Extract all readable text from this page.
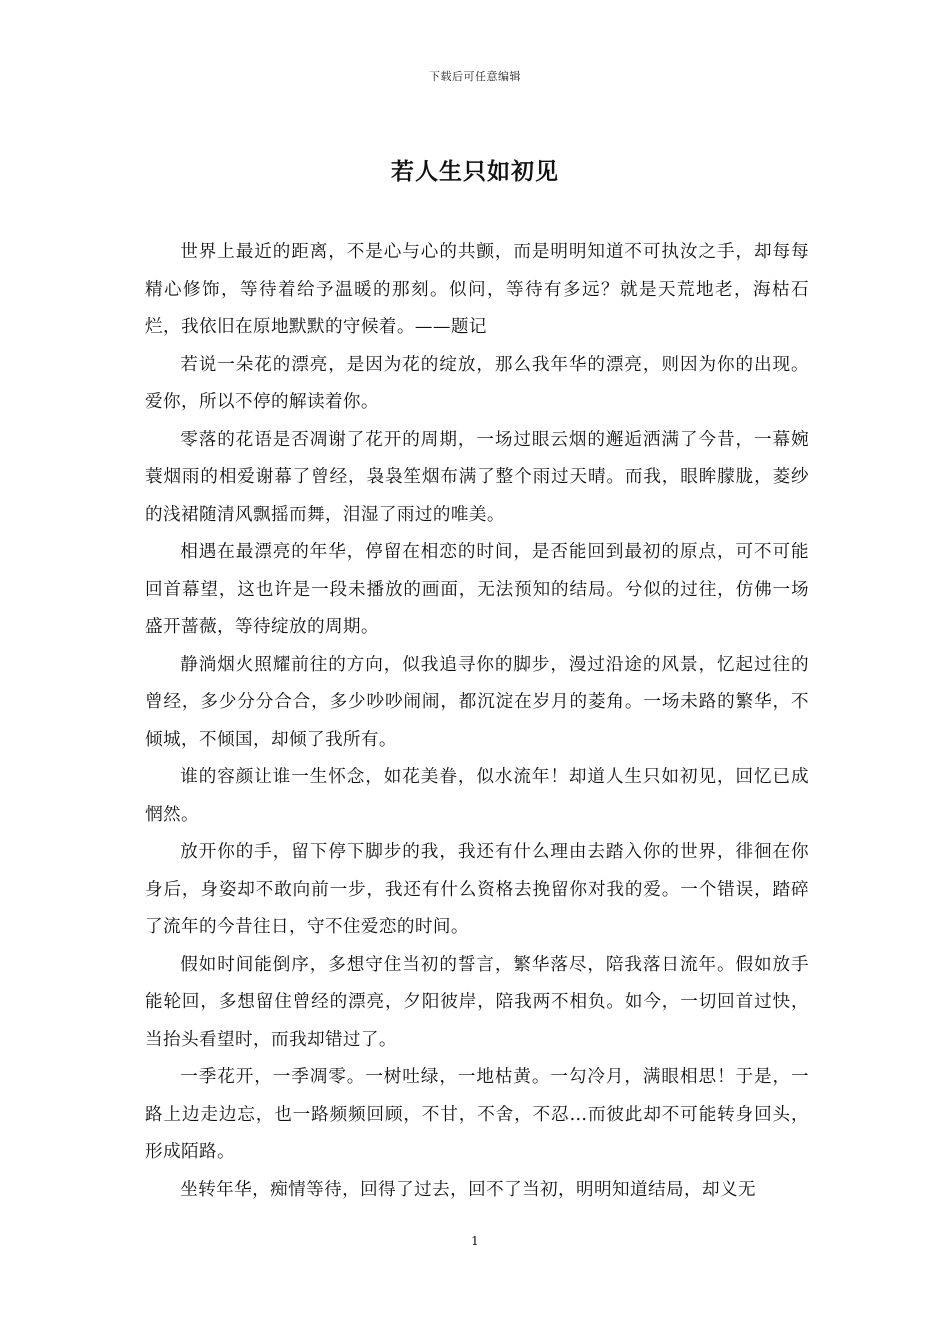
下载后可任意编辑
若人生只如初见

世界上最近的距离，不是心与心的共颤，而是明明知道不可执汝之手，却每每精心修饰，等待着给予温暖的那刻。似问，等待有多远？就是天荒地老，海枯石烂，我依旧在原地默默的守候着。——题记

若说一朵花的漂亮，是因为花的绽放，那么我年华的漂亮，则因为你的出现。爱你，所以不停的解读着你。

零落的花语是否凋谢了花开的周期，一场过眼云烟的邂逅洒满了今昔，一幕婉蓑烟雨的相爱谢幕了曾经，袅袅笙烟布满了整个雨过天晴。而我，眼眸朦胧，菱纱的浅裙随清风飘摇而舞，泪湿了雨过的唯美。

相遇在最漂亮的年华，停留在相恋的时间，是否能回到最初的原点，可不可能回首幕望，这也许是一段未播放的画面，无法预知的结局。兮似的过往，仿佛一场盛开蔷薇，等待绽放的周期。

静淌烟火照耀前往的方向，似我追寻你的脚步，漫过沿途的风景，忆起过往的曾经，多少分分合合，多少吵吵闹闹，都沉淀在岁月的菱角。一场未路的繁华，不倾城，不倾国，却倾了我所有。

谁的容颜让谁一生怀念，如花美眷，似水流年！却道人生只如初见，回忆已成惘然。

放开你的手，留下停下脚步的我，我还有什么理由去踏入你的世界，徘徊在你身后，身姿却不敢向前一步，我还有什么资格去挽留你对我的爱。一个错误，踏碎了流年的今昔往日，守不住爱恋的时间。

假如时间能倒序，多想守住当初的誓言，繁华落尽，陪我落日流年。假如放手能轮回，多想留住曾经的漂亮，夕阳彼岸，陪我两不相负。如今，一切回首过快，当抬头看望时，而我却错过了。

一季花开，一季凋零。一树吐绿，一地枯黄。一勾冷月，满眼相思！于是，一路上边走边忘，也一路频频回顾，不甘，不舍，不忍…而彼此却不可能转身回头，形成陌路。

坐转年华，痴情等待，回得了过去，回不了当初，明明知道结局，却义无

1
